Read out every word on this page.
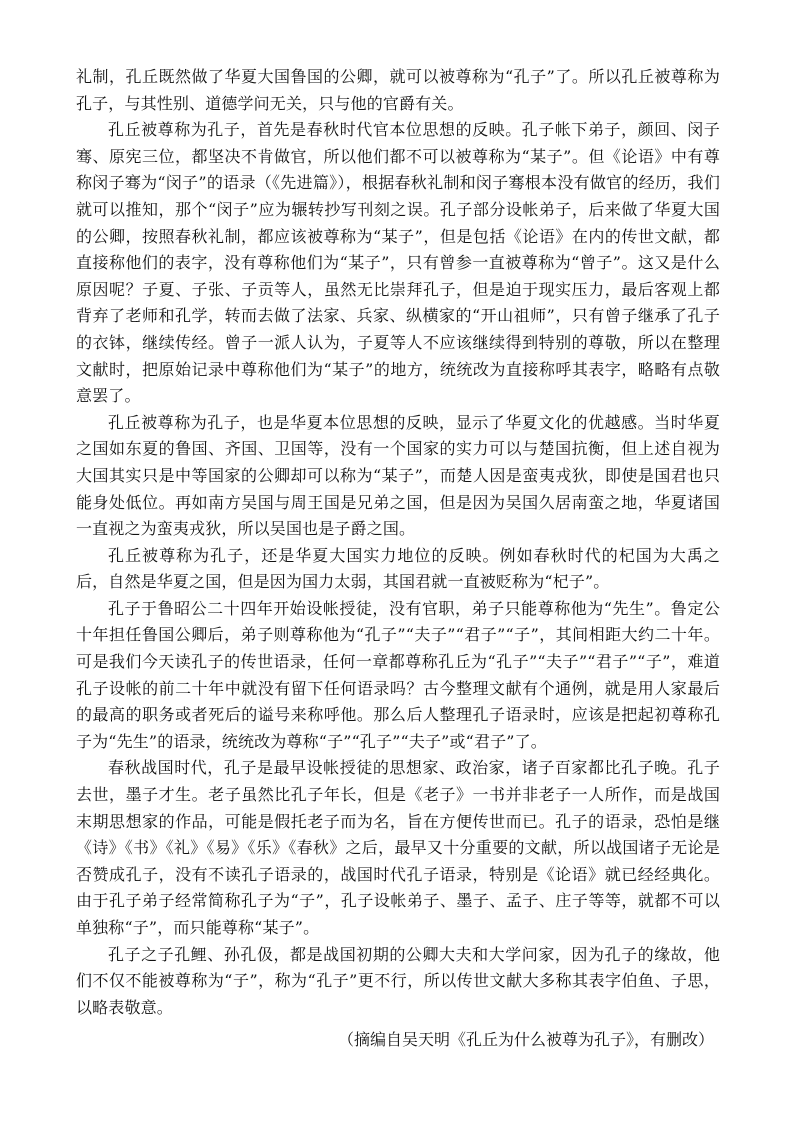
礼制，孔丘既然做了华夏大国鲁国的公卿，就可以被尊称为“孔子”了。所以孔丘被尊称为孔子，与其性别、道德学问无关，只与他的官爵有关。

孔丘被尊称为孔子，首先是春秋时代官本位思想的反映。孔子帐下弟子，颜回、闵子骞、原宪三位，都坚决不肯做官，所以他们都不可以被尊称为“某子”。但《论语》中有尊称闵子骞为“闵子”的语录（《先进篇》），根据春秋礼制和闵子骞根本没有做官的经历，我们就可以推知，那个“闵子”应为辗转抄写刊刻之误。孔子部分设帐弟子，后来做了华夏大国的公卿，按照春秋礼制，都应该被尊称为“某子”，但是包括《论语》在内的传世文献，都直接称他们的表字，没有尊称他们为“某子”，只有曾参一直被尊称为“曾子”。这又是什么原因呢？子夏、子张、子贡等人，虽然无比崇拜孔子，但是迫于现实压力，最后客观上都背弃了老师和孔学，转而去做了法家、兵家、纵横家的“开山祖师”，只有曾子继承了孔子的衣钵，继续传经。曾子一派人认为，子夏等人不应该继续得到特别的尊敬，所以在整理文献时，把原始记录中尊称他们为“某子”的地方，统统改为直接称呼其表字，略略有点敬意罢了。

孔丘被尊称为孔子，也是华夏本位思想的反映，显示了华夏文化的优越感。当时华夏之国如东夏的鲁国、齐国、卫国等，没有一个国家的实力可以与楚国抗衡，但上述自视为大国其实只是中等国家的公卿却可以称为“某子”，而楚人因是蛮夷戎狄，即使是国君也只能身处低位。再如南方吴国与周王国是兄弟之国，但是因为吴国久居南蛮之地，华夏诸国一直视之为蛮夷戎狄，所以吴国也是子爵之国。

孔丘被尊称为孔子，还是华夏大国实力地位的反映。例如春秋时代的杞国为大禹之后，自然是华夏之国，但是因为国力太弱，其国君就一直被贬称为“杞子”。

孔子于鲁昭公二十四年开始设帐授徒，没有官职，弟子只能尊称他为“先生”。鲁定公十年担任鲁国公卿后，弟子则尊称他为“孔子”“夫子”“君子”“子”，其间相距大约二十年。可是我们今天读孔子的传世语录，任何一章都尊称孔丘为“孔子”“夫子”“君子”“子”，难道孔子设帐的前二十年中就没有留下任何语录吗？古今整理文献有个通例，就是用人家最后的最高的职务或者死后的谥号来称呼他。那么后人整理孔子语录时，应该是把起初尊称孔子为“先生”的语录，统统改为尊称“子”“孔子”“夫子”或“君子”了。

春秋战国时代，孔子是最早设帐授徒的思想家、政治家，诸子百家都比孔子晚。孔子去世，墨子才生。老子虽然比孔子年长，但是《老子》一书并非老子一人所作，而是战国末期思想家的作品，可能是假托老子而为名，旨在方便传世而已。孔子的语录，恐怕是继《诗》《书》《礼》《易》《乐》《春秋》之后，最早又十分重要的文献，所以战国诸子无论是否赞成孔子，没有不读孔子语录的，战国时代孔子语录，特别是《论语》就已经经典化。由于孔子弟子经常简称孔子为“子”，孔子设帐弟子、墨子、孟子、庄子等等，就都不可以单独称“子”，而只能尊称“某子”。

孔子之子孔鲤、孙孔伋，都是战国初期的公卿大夫和大学问家，因为孔子的缘故，他们不仅不能被尊称为“子”，称为“孔子”更不行，所以传世文献大多称其表字伯鱼、子思，以略表敬意。

（摘编自吴天明《孔丘为什么被尊为孔子》，有删改）
